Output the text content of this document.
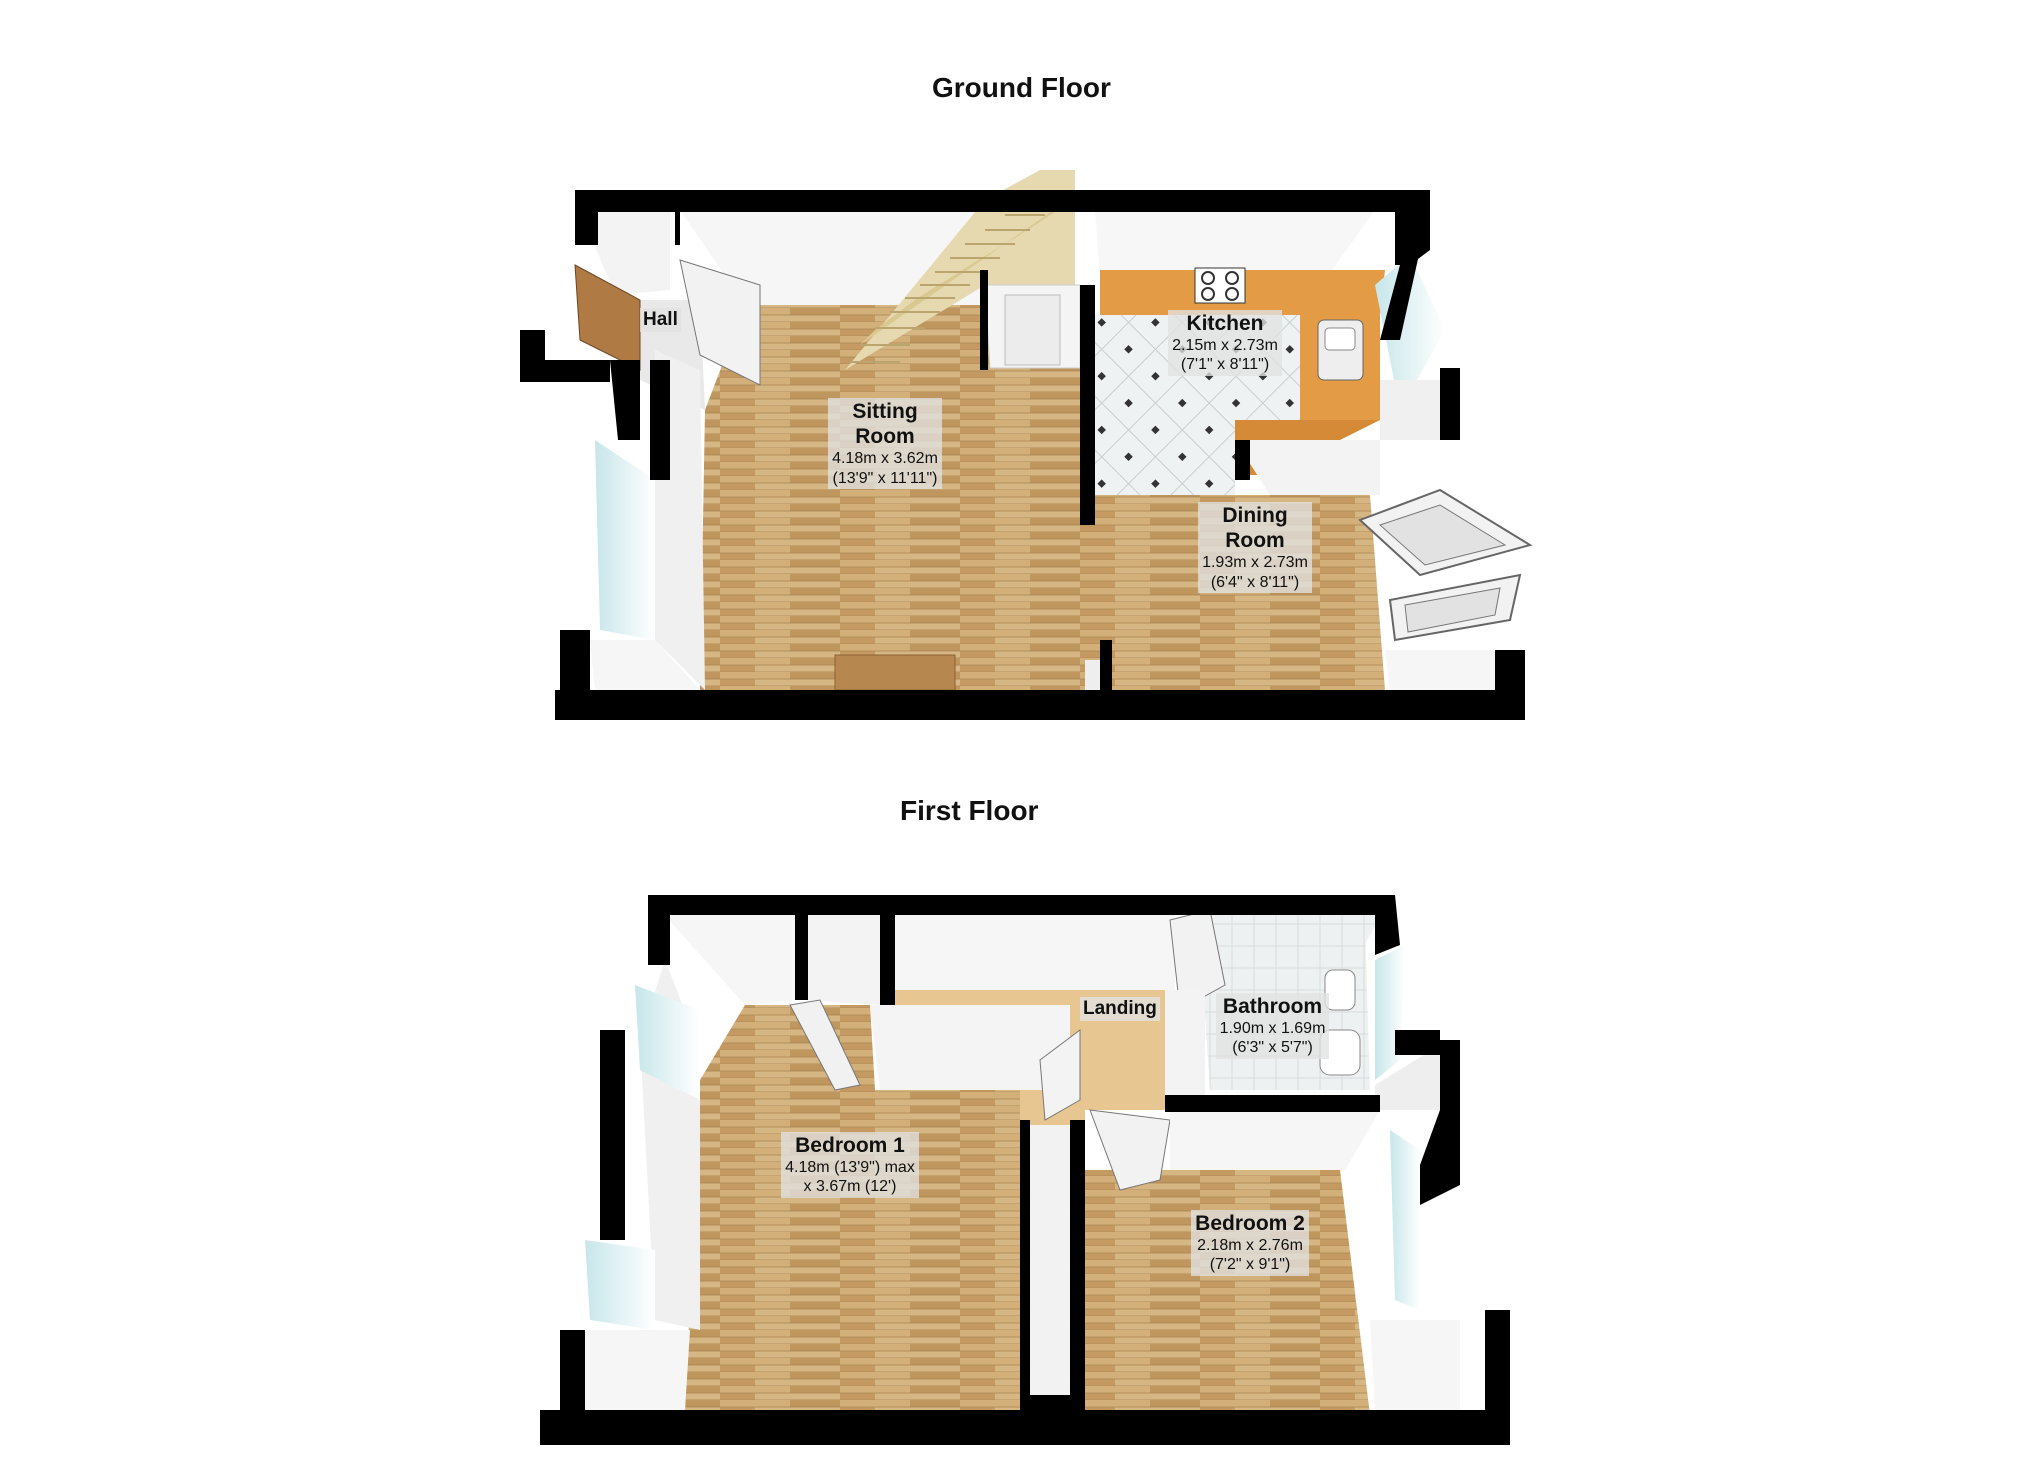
Ground Floor
Hall
Sitting
Room
4.18m x 3.62m
(13'9" x 11'11")
Kitchen
2.15m x 2.73m
(7'1" x 8'11")
Dining
Room
1.93m x 2.73m
(6'4" x 8'11")
First Floor
Landing	Bathroom
1.90m x 1.69m
(6'3" x 5'7")
Bedroom 1
4.18m (13'9") max
x 3.67m (12')
Bedroom 2
2.18m x 2.76m
(7'2" x 9'1")
